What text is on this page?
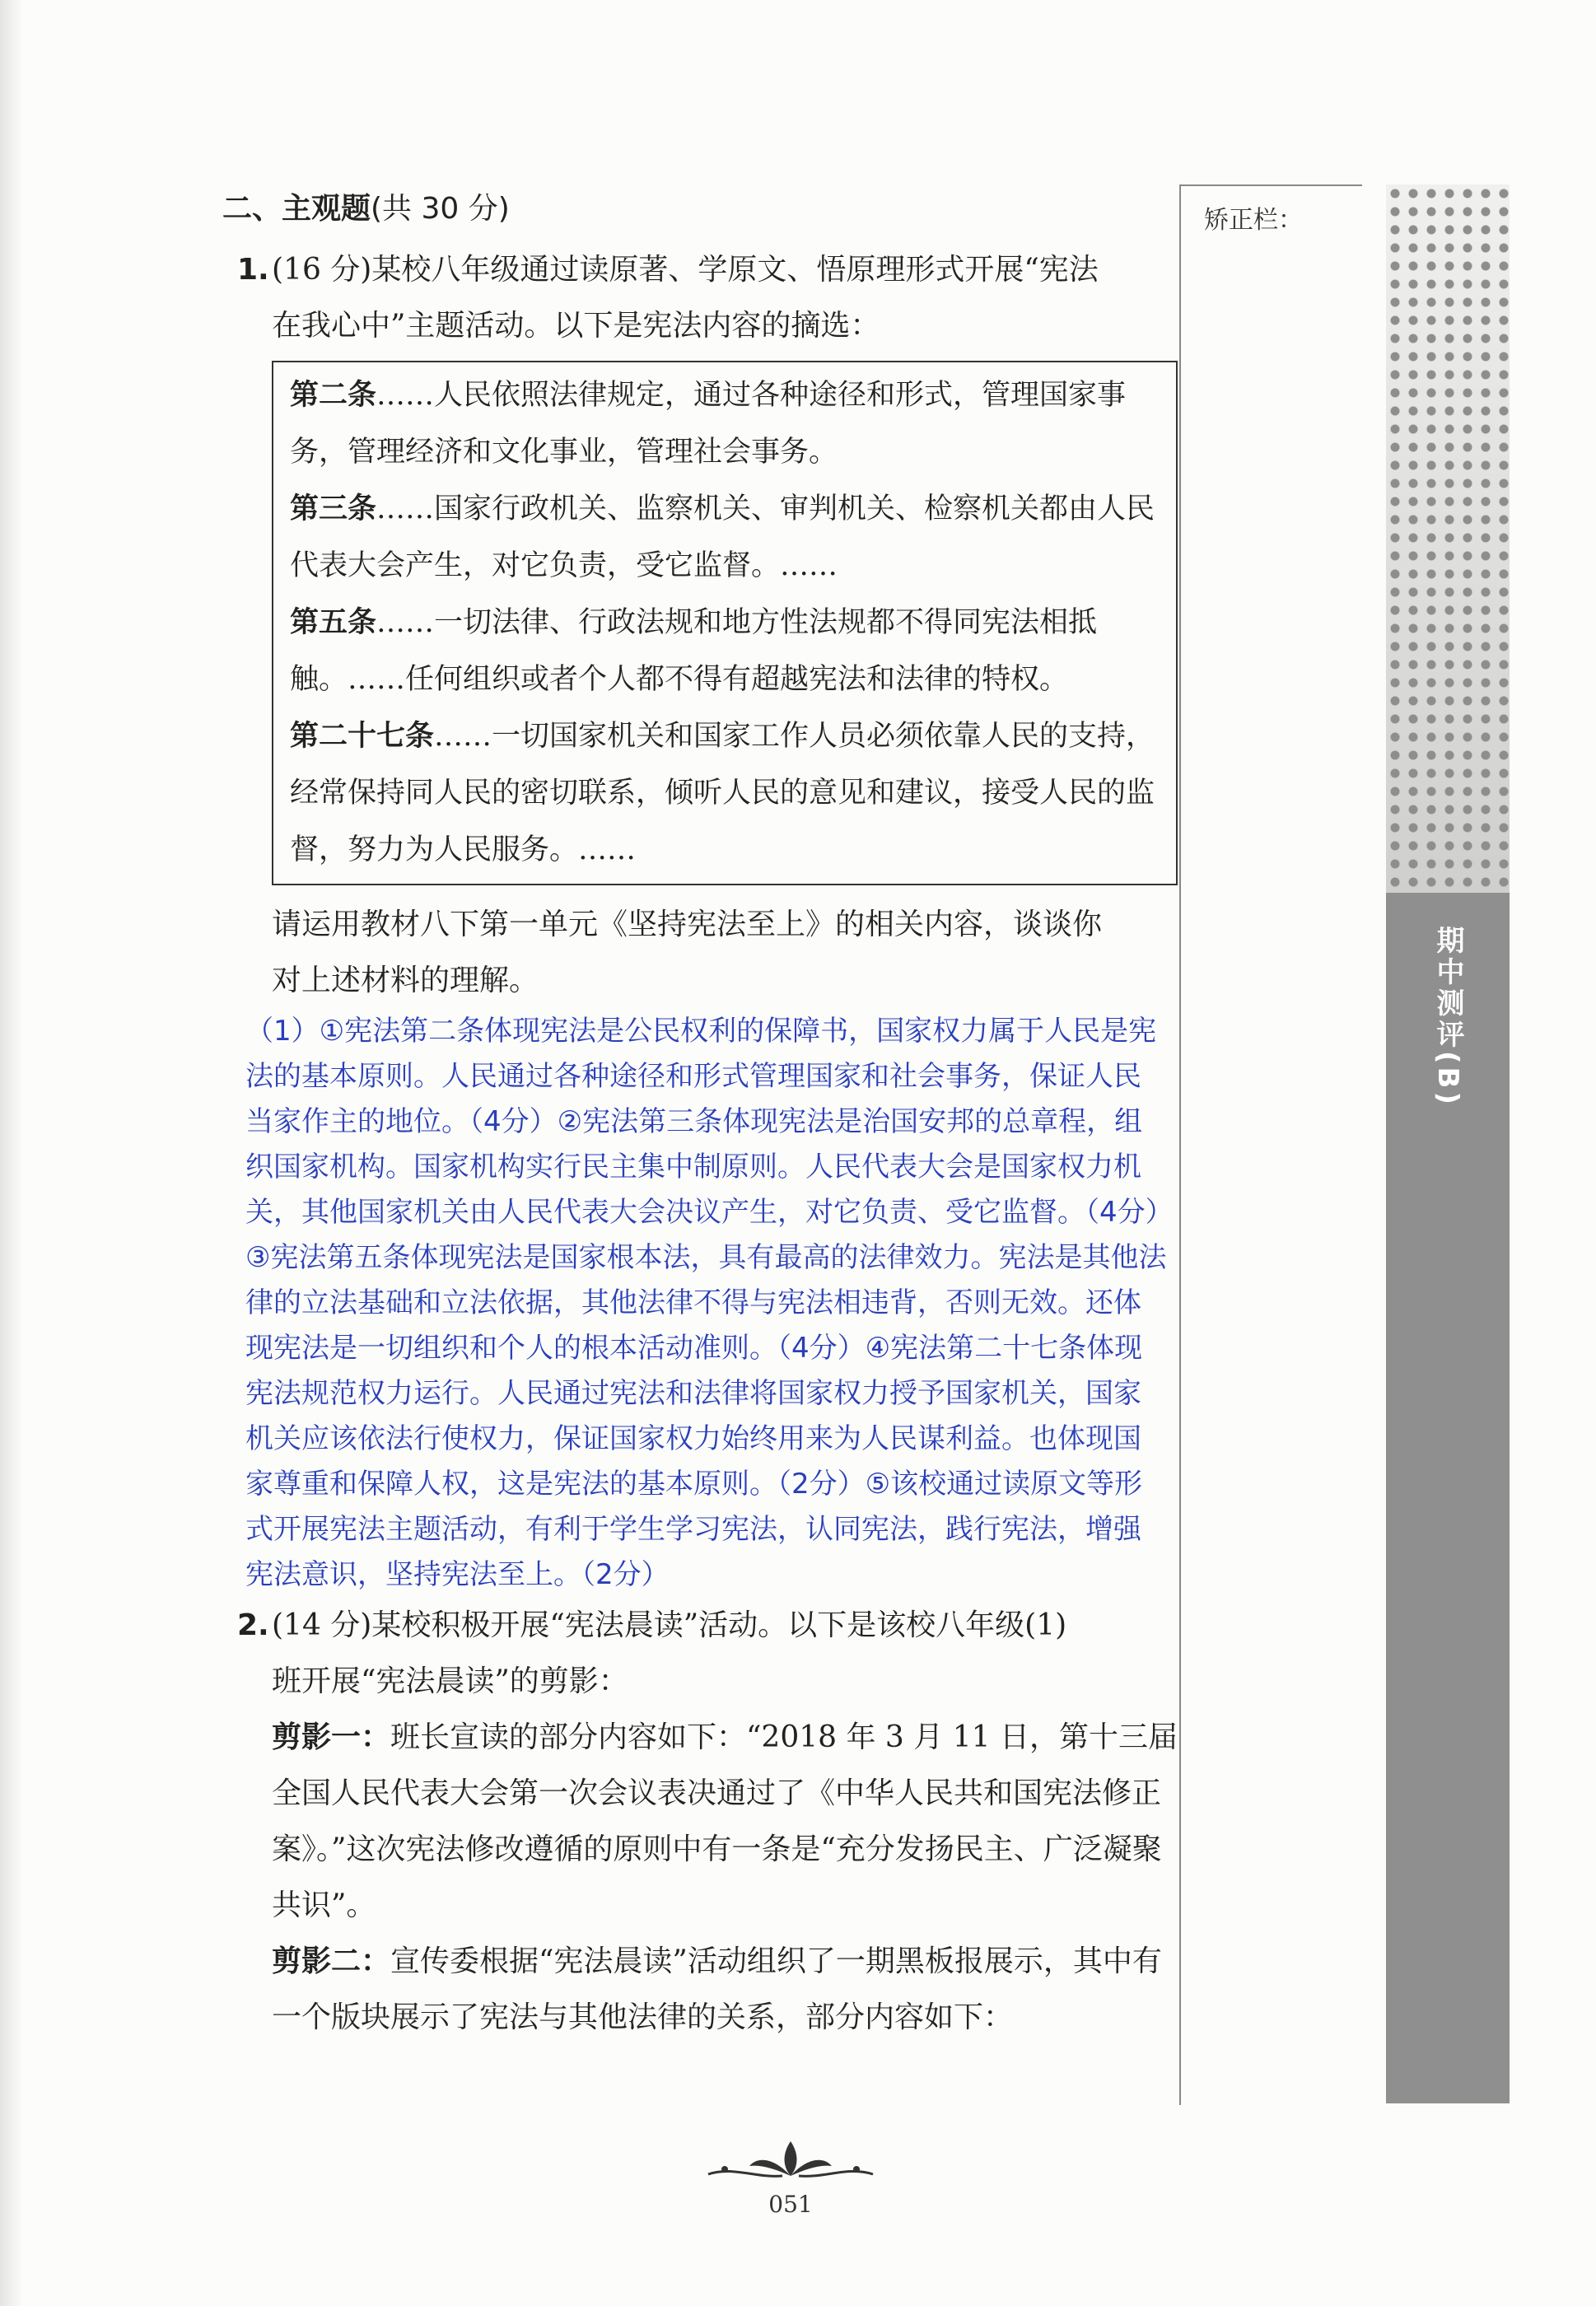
二、主观题(共 30 分)
1. (16 分)某校八年级通过读原著、学原文、悟原理形式开展“宪法
在我心中”主题活动。以下是宪法内容的摘选：

第二条……人民依照法律规定，通过各种途径和形式，管理国家事务，管理经济和文化事业，管理社会事务。

第三条……国家行政机关、监察机关、审判机关、检察机关都由人民代表大会产生，对它负责，受它监督。……

第五条……一切法律、行政法规和地方性法规都不得同宪法相抵触。……任何组织或者个人都不得有超越宪法和法律的特权。

第二十七条……一切国家机关和国家工作人员必须依靠人民的支持，经常保持同人民的密切联系，倾听人民的意见和建议，接受人民的监督，努力为人民服务。……

请运用教材八下第一单元《坚持宪法至上》的相关内容，谈谈你
对上述材料的理解。
（1）①宪法第二条体现宪法是公民权利的保障书，国家权力属于人民是宪法的基本原则。人民通过各种途径和形式管理国家和社会事务，保证人民当家作主的地位。（4分）②宪法第三条体现宪法是治国安邦的总章程，组织国家机构。国家机构实行民主集中制原则。人民代表大会是国家权力机关，其他国家机关由人民代表大会决议产生，对它负责、受它监督。（4分）③宪法第五条体现宪法是国家根本法，具有最高的法律效力。宪法是其他法律的立法基础和立法依据，其他法律不得与宪法相违背，否则无效。还体现宪法是一切组织和个人的根本活动准则。（4分）④宪法第二十七条体现宪法规范权力运行。人民通过宪法和法律将国家权力授予国家机关，国家机关应该依法行使权力，保证国家权力始终用来为人民谋利益。也体现国家尊重和保障人权，这是宪法的基本原则。（2分）⑤该校通过读原文等形式开展宪法主题活动，有利于学生学习宪法，认同宪法，践行宪法，增强宪法意识，坚持宪法至上。（2分）
2. (14 分)某校积极开展“宪法晨读”活动。以下是该校八年级(1)
班开展“宪法晨读”的剪影：
剪影一：班长宣读的部分内容如下：“2018 年 3 月 11 日，第十三届全国人民代表大会第一次会议表决通过了《中华人民共和国宪法修正案》。”这次宪法修改遵循的原则中有一条是“充分发扬民主、广泛凝聚共识”。
剪影二：宣传委根据“宪法晨读”活动组织了一期黑板报展示，其中有一个版块展示了宪法与其他法律的关系，部分内容如下：
矫正栏：
期中测评(B)
051
